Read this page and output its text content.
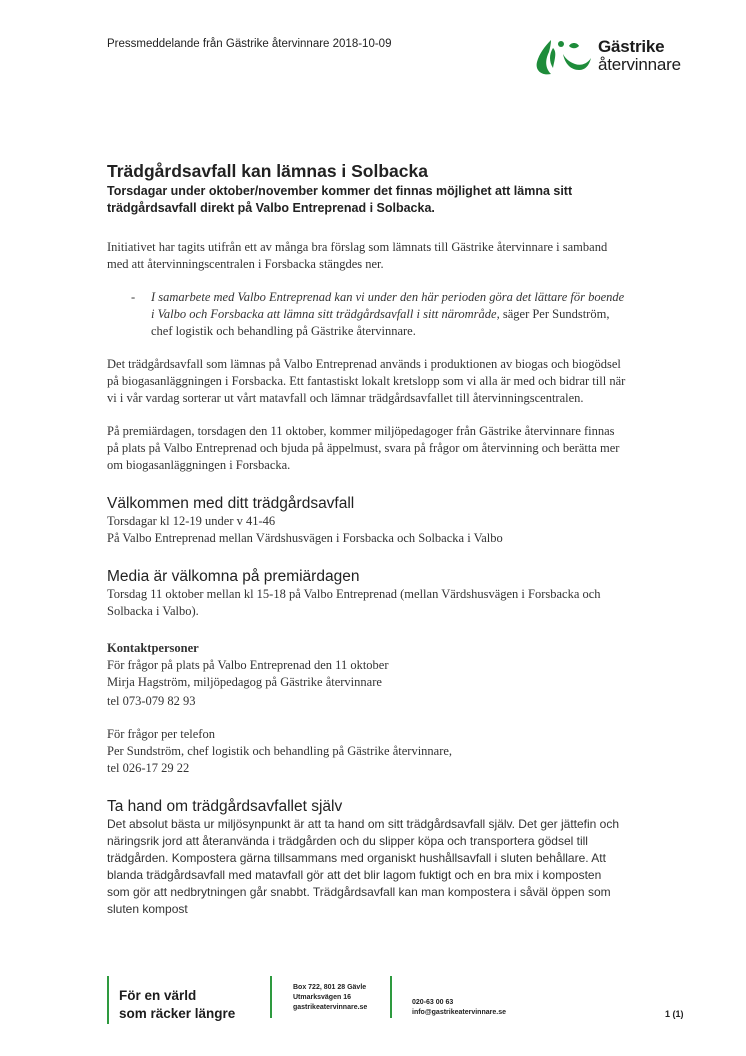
Pressmeddelande från Gästrike återvinnare 2018-10-09	Gästrike
återvinnare
Trädgårdsavfall kan lämnas i Solbacka

Torsdagar under oktober/november kommer det finnas möjlighet att lämna sitt trädgårdsavfall direkt på Valbo Entreprenad i Solbacka.

Initiativet har tagits utifrån ett av många bra förslag som lämnats till Gästrike återvinnare i samband med att återvinningscentralen i Forsbacka stängdes ner.

- I samarbete med Valbo Entreprenad kan vi under den här perioden göra det lättare för boende i Valbo och Forsbacka att lämna sitt trädgårdsavfall i sitt närområde, säger Per Sundström, chef logistik och behandling på Gästrike återvinnare.

Det trädgårdsavfall som lämnas på Valbo Entreprenad används i produktionen av biogas och biogödsel på biogasanläggningen i Forsbacka. Ett fantastiskt lokalt kretslopp som vi alla är med och bidrar till när vi i vår vardag sorterar ut vårt matavfall och lämnar trädgårdsavfallet till återvinningscentralen.

På premiärdagen, torsdagen den 11 oktober, kommer miljöpedagoger från Gästrike återvinnare finnas på plats på Valbo Entreprenad och bjuda på äppelmust, svara på frågor om återvinning och berätta mer om biogasanläggningen i Forsbacka.

Välkommen med ditt trädgårdsavfall

Torsdagar kl 12-19 under v 41-46

På Valbo Entreprenad mellan Värdshusvägen i Forsbacka och Solbacka i Valbo

Media är välkomna på premiärdagen

Torsdag 11 oktober mellan kl 15-18 på Valbo Entreprenad (mellan Värdshusvägen i Forsbacka och Solbacka i Valbo).

Kontaktpersoner

För frågor på plats på Valbo Entreprenad den 11 oktober

Mirja Hagström, miljöpedagog på Gästrike återvinnare

tel 073-079 82 93

För frågor per telefon

Per Sundström, chef logistik och behandling på Gästrike återvinnare,

tel 026-17 29 22

Ta hand om trädgårdsavfallet själv

Det absolut bästa ur miljösynpunkt är att ta hand om sitt trädgårdsavfall själv. Det ger jättefin och näringsrik jord att återanvända i trädgården och du slipper köpa och transportera gödsel till trädgården. Kompostera gärna tillsammans med organiskt hushållsavfall i sluten behållare. Att blanda trädgårdsavfall med matavfall gör att det blir lagom fuktigt och en bra mix i komposten som gör att nedbrytningen går snabbt. Trädgårdsavfall kan man kompostera i såväl öppen som sluten kompost

För en värld
som räcker längre
Box 722, 801 28 Gävle
Utmarksvägen 16
gastrikeatervinnare.se
020-63 00 63
info@gastrikeatervinnare.se	1 (1)
